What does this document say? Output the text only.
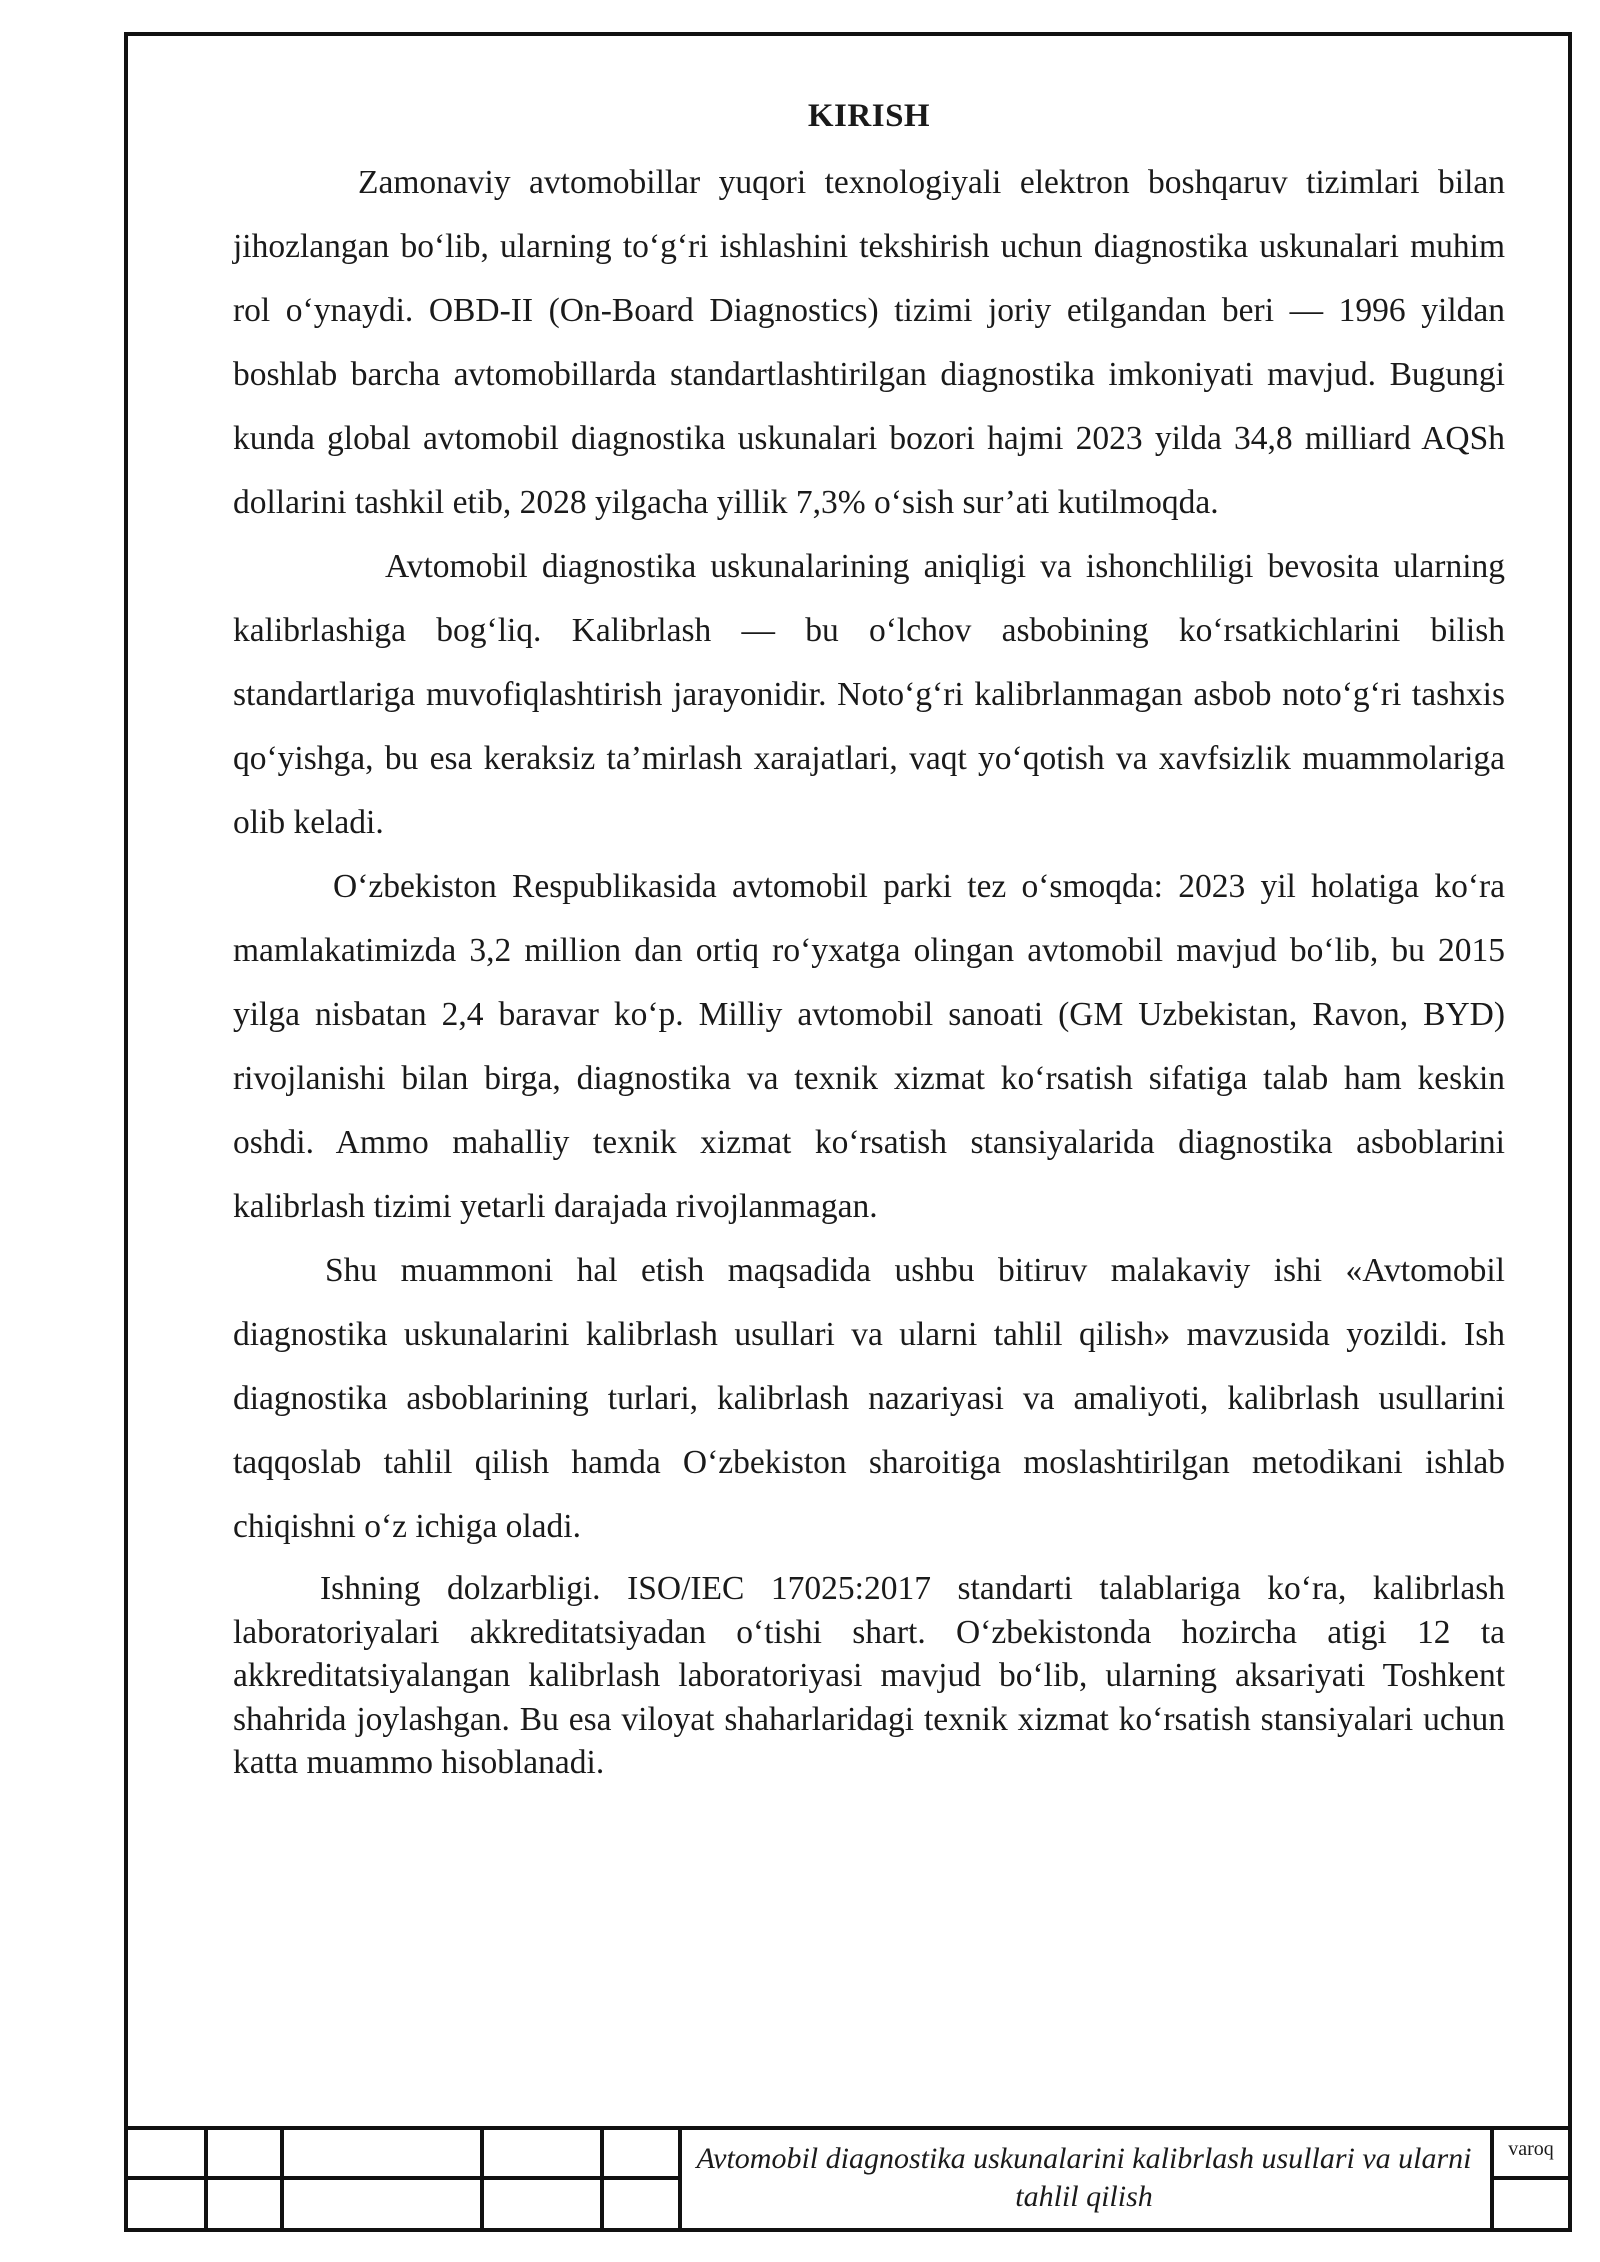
KIRISH

Zamonaviy avtomobillar yuqori texnologiyali elektron boshqaruv tizimlari bilan jihozlangan bo‘lib, ularning to‘g‘ri ishlashini tekshirish uchun diagnostika uskunalari muhim rol o‘ynaydi. OBD-II (On-Board Diagnostics) tizimi joriy etilgandan beri — 1996 yildan boshlab barcha avtomobillarda standartlashtirilgan diagnostika imkoniyati mavjud. Bugungi kunda global avtomobil diagnostika uskunalari bozori hajmi 2023 yilda 34,8 milliard AQSh dollarini tashkil etib, 2028 yilgacha yillik 7,3% o‘sish sur’ati kutilmoqda.

Avtomobil diagnostika uskunalarining aniqligi va ishonchliligi bevosita ularning kalibrlashiga bog‘liq. Kalibrlash — bu o‘lchov asbobining ko‘rsatkichlarini bilish standartlariga muvofiqlashtirish jarayonidir. Noto‘g‘ri kalibrlanmagan asbob noto‘g‘ri tashxis qo‘yishga, bu esa keraksiz ta’mirlash xarajatlari, vaqt yo‘qotish va xavfsizlik muammolariga olib keladi.

O‘zbekiston Respublikasida avtomobil parki tez o‘smoqda: 2023 yil holatiga ko‘ra mamlakatimizda 3,2 million dan ortiq ro‘yxatga olingan avtomobil mavjud bo‘lib, bu 2015 yilga nisbatan 2,4 baravar ko‘p. Milliy avtomobil sanoati (GM Uzbekistan, Ravon, BYD) rivojlanishi bilan birga, diagnostika va texnik xizmat ko‘rsatish sifatiga talab ham keskin oshdi. Ammo mahalliy texnik xizmat ko‘rsatish stansiyalarida diagnostika asboblarini kalibrlash tizimi yetarli darajada rivojlanmagan.

Shu muammoni hal etish maqsadida ushbu bitiruv malakaviy ishi «Avtomobil diagnostika uskunalarini kalibrlash usullari va ularni tahlil qilish» mavzusida yozildi. Ish diagnostika asboblarining turlari, kalibrlash nazariyasi va amaliyoti, kalibrlash usullarini taqqoslab tahlil qilish hamda O‘zbekiston sharoitiga moslashtirilgan metodikani ishlab chiqishni o‘z ichiga oladi.

Ishning dolzarbligi. ISO/IEC 17025:2017 standarti talablariga ko‘ra, kalibrlash laboratoriyalari akkreditatsiyadan o‘tishi shart. O‘zbekistonda hozircha atigi 12 ta akkreditatsiyalangan kalibrlash laboratoriyasi mavjud bo‘lib, ularning aksariyati Toshkent shahrida joylashgan. Bu esa viloyat shaharlaridagi texnik xizmat ko‘rsatish stansiyalari uchun katta muammo hisoblanadi.

Avtomobil diagnostika uskunalarini kalibrlash usullari va ularni tahlil qilish
varoq
